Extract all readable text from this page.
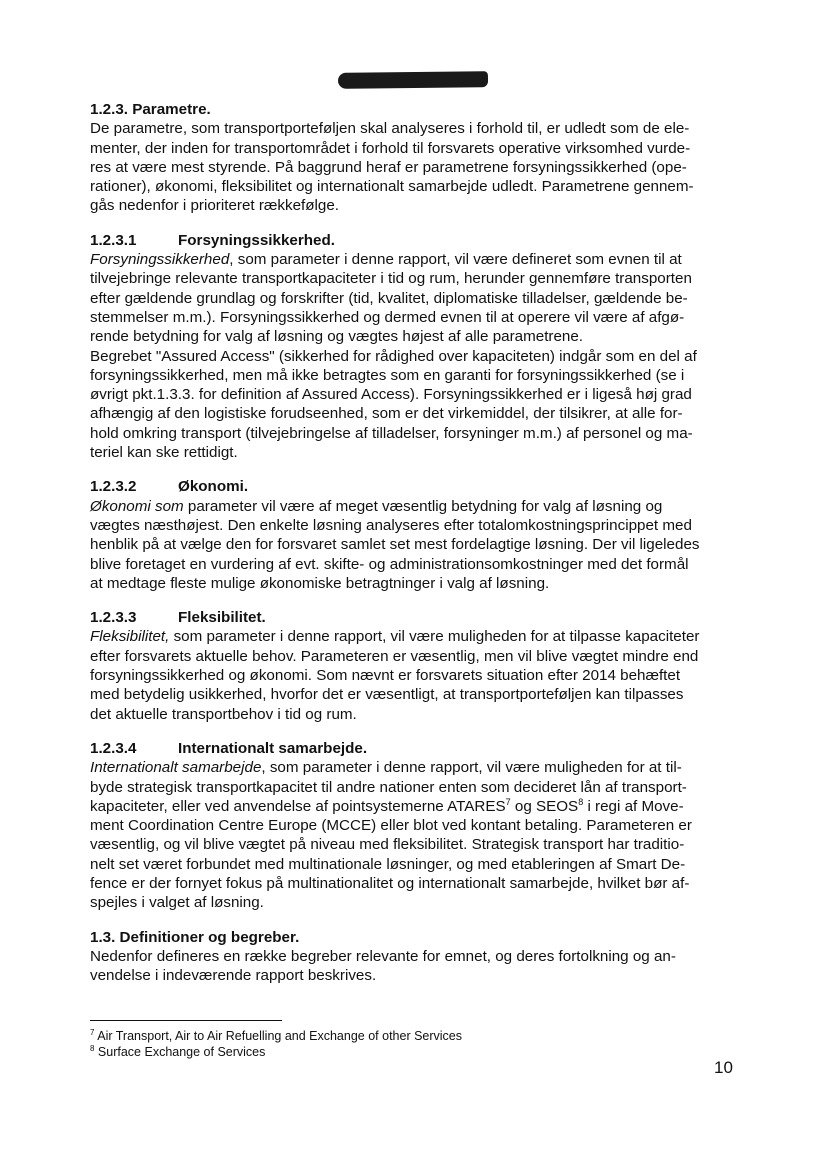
1.2.3. Parametre.
De parametre, som transportporteføljen skal analyseres i forhold til, er udledt som de ele-
menter, der inden for transportområdet i forhold til forsvarets operative virksomhed vurde-
res at være mest styrende. På baggrund heraf er parametrene forsyningssikkerhed (ope-
rationer), økonomi, fleksibilitet og internationalt samarbejde udledt. Parametrene gennem-
gås nedenfor i prioriteret rækkefølge.
1.2.3.1	Forsyningssikkerhed.
Forsyningssikkerhed, som parameter i denne rapport, vil være defineret som evnen til at
tilvejebringe relevante transportkapaciteter i tid og rum, herunder gennemføre transporten
efter gældende grundlag og forskrifter (tid, kvalitet, diplomatiske tilladelser, gældende be-
stemmelser m.m.). Forsyningssikkerhed og dermed evnen til at operere vil være af afgø-
rende betydning for valg af løsning og vægtes højest af alle parametrene.
Begrebet "Assured Access" (sikkerhed for rådighed over kapaciteten) indgår som en del af
forsyningssikkerhed, men må ikke betragtes som en garanti for forsyningssikkerhed (se i
øvrigt pkt.1.3.3. for definition af Assured Access). Forsyningssikkerhed er i ligeså høj grad
afhængig af den logistiske forudseenhed, som er det virkemiddel, der tilsikrer, at alle for-
hold omkring transport (tilvejebringelse af tilladelser, forsyninger m.m.) af personel og ma-
teriel kan ske rettidigt.
1.2.3.2	Økonomi.
Økonomi som parameter vil være af meget væsentlig betydning for valg af løsning og
vægtes næsthøjest. Den enkelte løsning analyseres efter totalomkostningsprincippet med
henblik på at vælge den for forsvaret samlet set mest fordelagtige løsning. Der vil ligeledes
blive foretaget en vurdering af evt. skifte- og administrationsomkostninger med det formål
at medtage fleste mulige økonomiske betragtninger i valg af løsning.
1.2.3.3	Fleksibilitet.
Fleksibilitet, som parameter i denne rapport, vil være muligheden for at tilpasse kapaciteter
efter forsvarets aktuelle behov. Parameteren er væsentlig, men vil blive vægtet mindre end
forsyningssikkerhed og økonomi. Som nævnt er forsvarets situation efter 2014 behæftet
med betydelig usikkerhed, hvorfor det er væsentligt, at transportporteføljen kan tilpasses
det aktuelle transportbehov i tid og rum.
1.2.3.4	Internationalt samarbejde.
Internationalt samarbejde, som parameter i denne rapport, vil være muligheden for at til-
byde strategisk transportkapacitet til andre nationer enten som decideret lån af transport-
kapaciteter, eller ved anvendelse af pointsystemerne ATARES$^7$ og SEOS$^8$ i regi af Move-
ment Coordination Centre Europe (MCCE) eller blot ved kontant betaling. Parameteren er
væsentlig, og vil blive vægtet på niveau med fleksibilitet. Strategisk transport har traditio-
nelt set været forbundet med multinationale løsninger, og med etableringen af Smart De-
fence er der fornyet fokus på multinationalitet og internationalt samarbejde, hvilket bør af-
spejles i valget af løsning.
1.3. Definitioner og begreber.
Nedenfor defineres en række begreber relevante for emnet, og deres fortolkning og an-
vendelse i indeværende rapport beskrives.
$^7$ Air Transport, Air to Air Refuelling and Exchange of other Services
$^8$ Surface Exchange of Services
10
